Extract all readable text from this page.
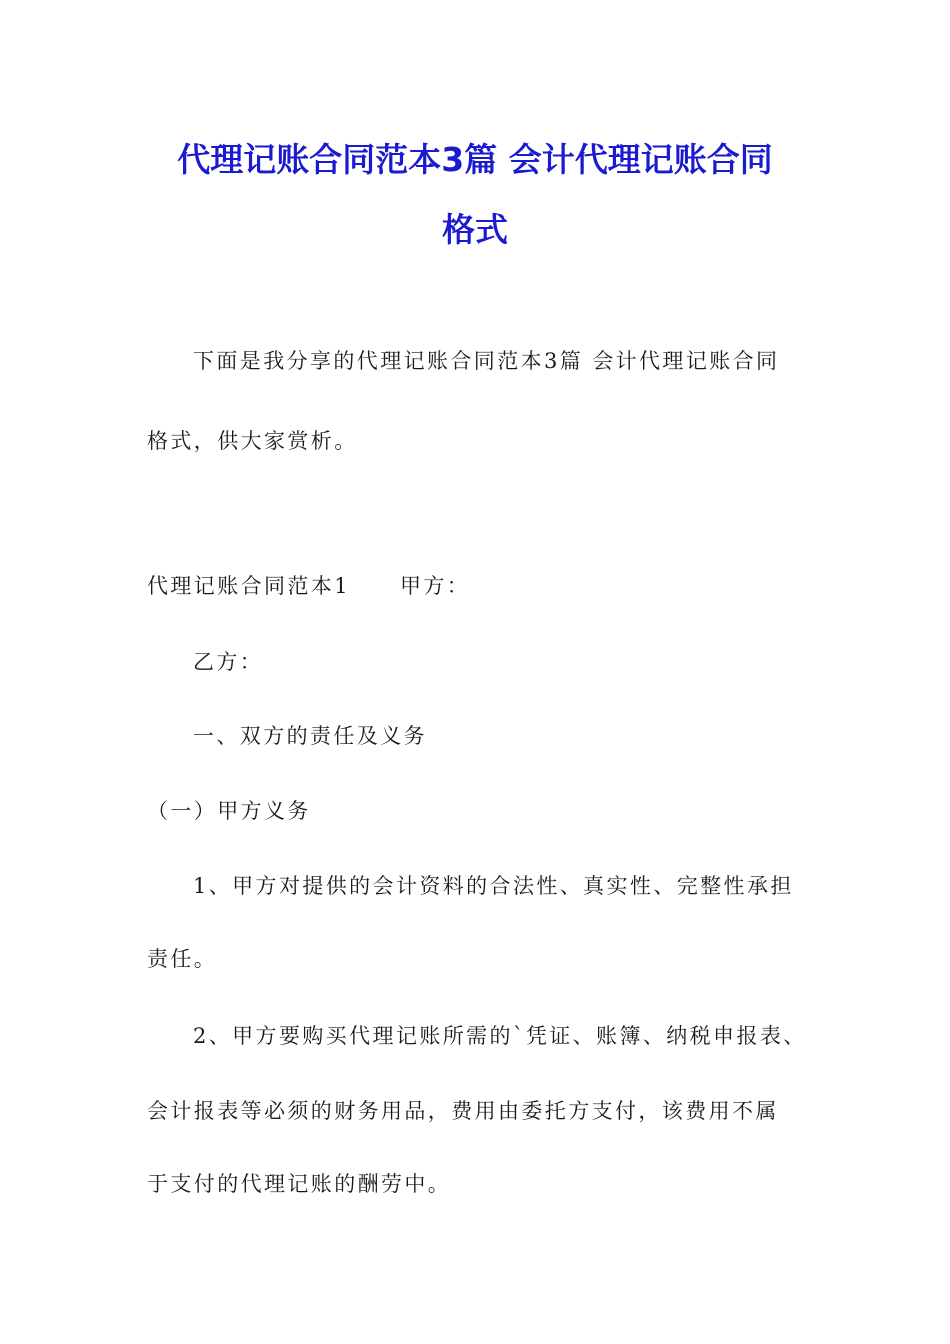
代理记账合同范本3篇 会计代理记账合同
格式

下面是我分享的代理记账合同范本3篇 会计代理记账合同

格式，供大家赏析。

代理记账合同范本1 甲方：

乙方：

一、双方的责任及义务

（一）甲方义务

1、甲方对提供的会计资料的合法性、真实性、完整性承担

责任。

2、甲方要购买代理记账所需的`凭证、账簿、纳税申报表、

会计报表等必须的财务用品，费用由委托方支付，该费用不属

于支付的代理记账的酬劳中。
